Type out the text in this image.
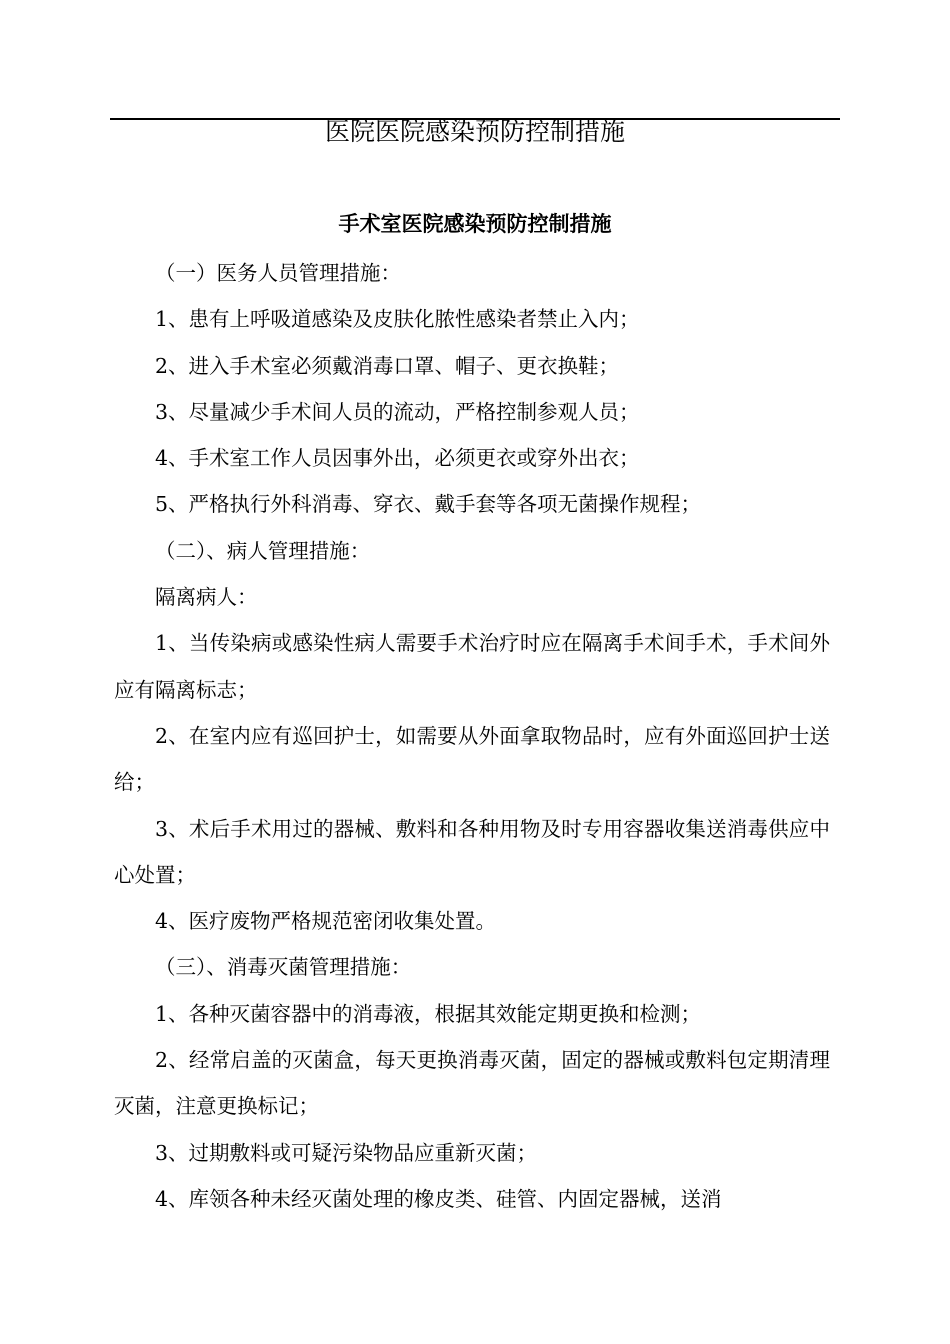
医院医院感染预防控制措施
手术室医院感染预防控制措施

（一）医务人员管理措施：

1、患有上呼吸道感染及皮肤化脓性感染者禁止入内；

2、进入手术室必须戴消毒口罩、帽子、更衣换鞋；

3、尽量减少手术间人员的流动，严格控制参观人员；

4、手术室工作人员因事外出，必须更衣或穿外出衣；

5、严格执行外科消毒、穿衣、戴手套等各项无菌操作规程；

（二）、病人管理措施：

隔离病人：

1、当传染病或感染性病人需要手术治疗时应在隔离手术间手术，手术间外应有隔离标志；

2、在室内应有巡回护士，如需要从外面拿取物品时，应有外面巡回护士送给；

3、术后手术用过的器械、敷料和各种用物及时专用容器收集送消毒供应中心处置；

4、医疗废物严格规范密闭收集处置。

（三）、消毒灭菌管理措施：

1、各种灭菌容器中的消毒液，根据其效能定期更换和检测；

2、经常启盖的灭菌盒，每天更换消毒灭菌，固定的器械或敷料包定期清理灭菌，注意更换标记；

3、过期敷料或可疑污染物品应重新灭菌；

4、库领各种未经灭菌处理的橡皮类、硅管、内固定器械，送消
